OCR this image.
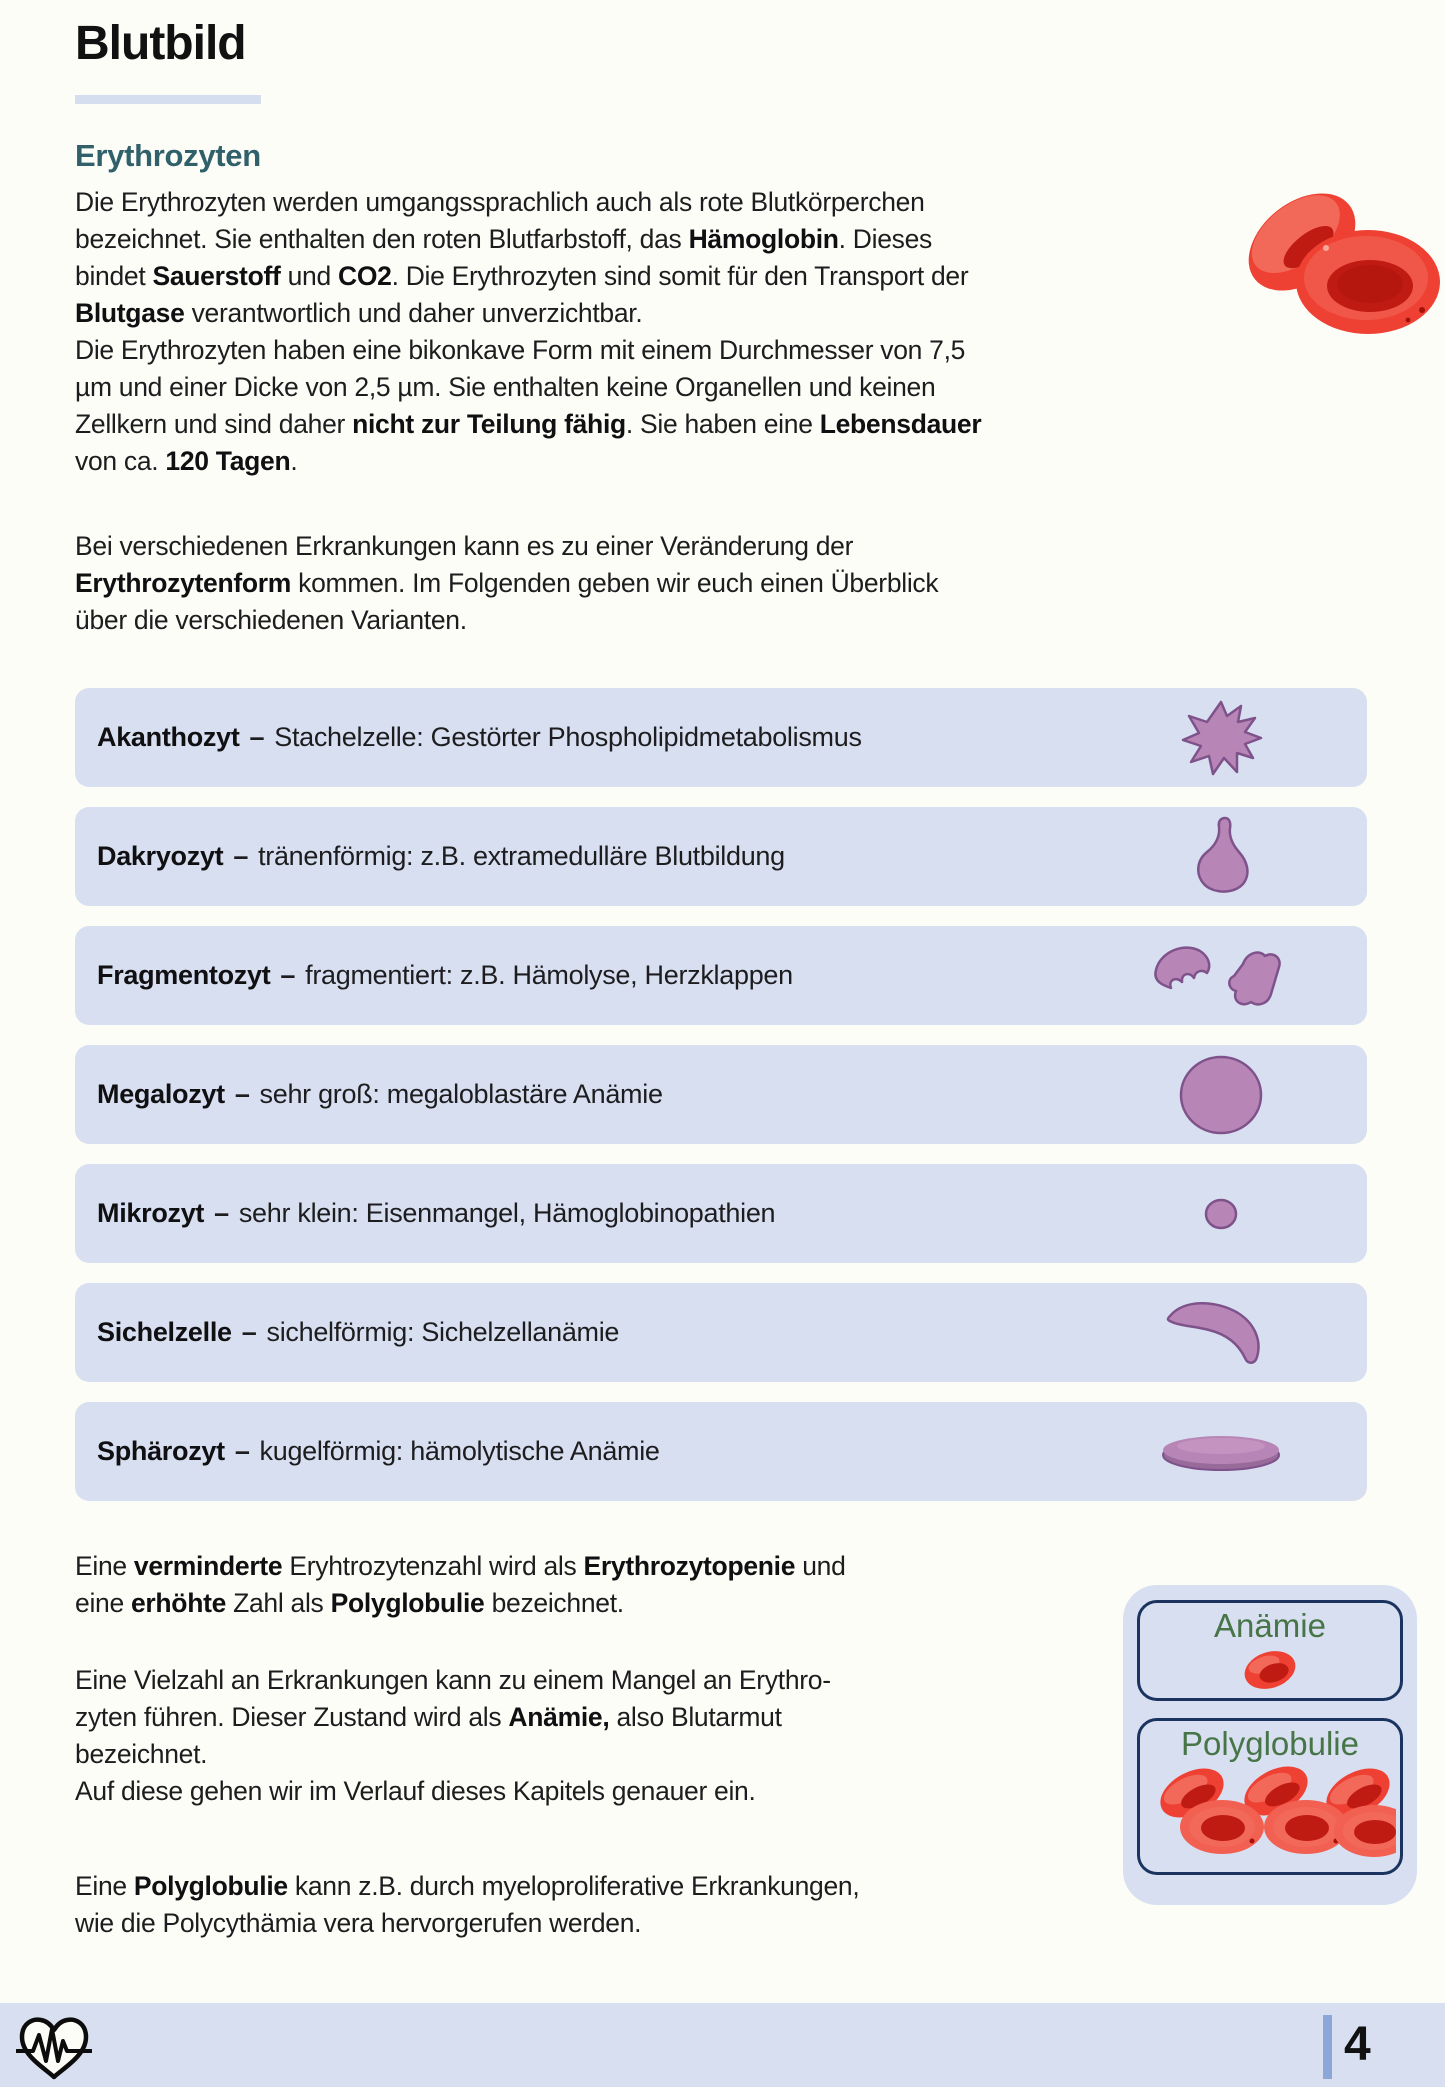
Blutbild
Erythrozyten
Die Erythrozyten werden umgangssprachlich auch als rote Blutkörperchen
bezeichnet. Sie enthalten den roten Blutfarbstoff, das Hämoglobin. Dieses
bindet Sauerstoff und CO2. Die Erythrozyten sind somit für den Transport der
Blutgase verantwortlich und daher unverzichtbar.
Die Erythrozyten haben eine bikonkave Form mit einem Durchmesser von 7,5
µm und einer Dicke von 2,5 µm. Sie enthalten keine Organellen und keinen
Zellkern und sind daher nicht zur Teilung fähig. Sie haben eine Lebensdauer
von ca. 120 Tagen.
Bei verschiedenen Erkrankungen kann es zu einer Veränderung der
Erythrozytenform kommen. Im Folgenden geben wir euch einen Überblick
über die verschiedenen Varianten.
Akanthozyt – Stachelzelle: Gestörter Phospholipidmetabolismus
Dakryozyt – tränenförmig: z.B. extramedulläre Blutbildung
Fragmentozyt – fragmentiert: z.B. Hämolyse, Herzklappen
Megalozyt – sehr groß: megaloblastäre Anämie
Mikrozyt – sehr klein: Eisenmangel, Hämoglobinopathien
Sichelzelle – sichelförmig: Sichelzellanämie
Sphärozyt – kugelförmig: hämolytische Anämie
Eine verminderte Eryhtrozytenzahl wird als Erythrozytopenie und
eine erhöhte Zahl als Polyglobulie bezeichnet.
Eine Vielzahl an Erkrankungen kann zu einem Mangel an Erythro-
zyten führen. Dieser Zustand wird als Anämie, also Blutarmut
bezeichnet.
Auf diese gehen wir im Verlauf dieses Kapitels genauer ein.
Eine Polyglobulie kann z.B. durch myeloproliferative Erkrankungen,
wie die Polycythämia vera hervorgerufen werden.
Anämie
Polyglobulie
4
